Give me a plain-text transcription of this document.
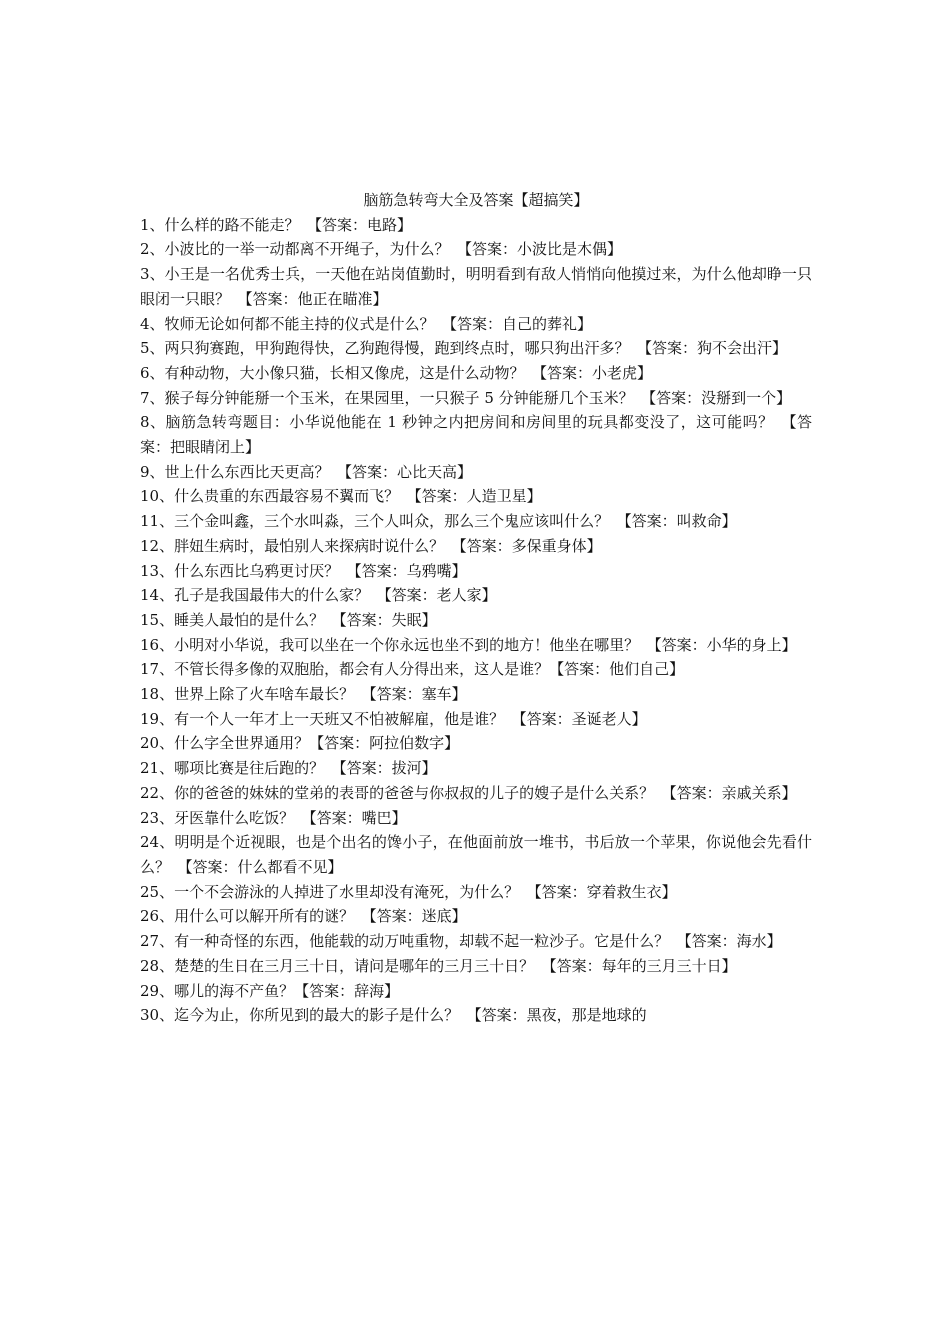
脑筋急转弯大全及答案【超搞笑】

1、什么样的路不能走？　【答案：电路】

2、小波比的一举一动都离不开绳子，为什么？　【答案：小波比是木偶】

3、小王是一名优秀士兵，一天他在站岗值勤时，明明看到有敌人悄悄向他摸过来，为什么他却睁一只眼闭一只眼？　【答案：他正在瞄准】

4、牧师无论如何都不能主持的仪式是什么？　【答案：自己的葬礼】

5、两只狗赛跑，甲狗跑得快，乙狗跑得慢，跑到终点时，哪只狗出汗多？　【答案：狗不会出汗】

6、有种动物，大小像只猫，长相又像虎，这是什么动物？　【答案：小老虎】

7、猴子每分钟能掰一个玉米，在果园里，一只猴子 5 分钟能掰几个玉米？　【答案：没掰到一个】

8、脑筋急转弯题目：小华说他能在 1 秒钟之内把房间和房间里的玩具都变没了，这可能吗？　【答案：把眼睛闭上】

9、世上什么东西比天更高？　【答案：心比天高】

10、什么贵重的东西最容易不翼而飞？　【答案：人造卫星】

11、三个金叫鑫，三个水叫淼，三个人叫众，那么三个鬼应该叫什么？　【答案：叫救命】

12、胖妞生病时，最怕别人来探病时说什么？　【答案：多保重身体】

13、什么东西比乌鸦更讨厌？　【答案：乌鸦嘴】

14、孔子是我国最伟大的什么家？　【答案：老人家】

15、睡美人最怕的是什么？　【答案：失眠】

16、小明对小华说，我可以坐在一个你永远也坐不到的地方！他坐在哪里？　【答案：小华的身上】

17、不管长得多像的双胞胎，都会有人分得出来，这人是谁？【答案：他们自己】

18、世界上除了火车啥车最长？　【答案：塞车】

19、有一个人一年才上一天班又不怕被解雇，他是谁？　【答案：圣诞老人】

20、什么字全世界通用？【答案：阿拉伯数字】

21、哪项比赛是往后跑的？　【答案：拔河】

22、你的爸爸的妹妹的堂弟的表哥的爸爸与你叔叔的儿子的嫂子是什么关系？　【答案：亲戚关系】

23、牙医靠什么吃饭？　【答案：嘴巴】

24、明明是个近视眼，也是个出名的馋小子，在他面前放一堆书，书后放一个苹果，你说他会先看什么？　【答案：什么都看不见】

25、一个不会游泳的人掉进了水里却没有淹死，为什么？　【答案：穿着救生衣】

26、用什么可以解开所有的谜？　【答案：迷底】

27、有一种奇怪的东西，他能载的动万吨重物，却载不起一粒沙子。它是什么？　【答案：海水】

28、楚楚的生日在三月三十日，请问是哪年的三月三十日？　【答案：每年的三月三十日】

29、哪儿的海不产鱼？【答案：辞海】

30、迄今为止，你所见到的最大的影子是什么？　【答案：黑夜，那是地球的
